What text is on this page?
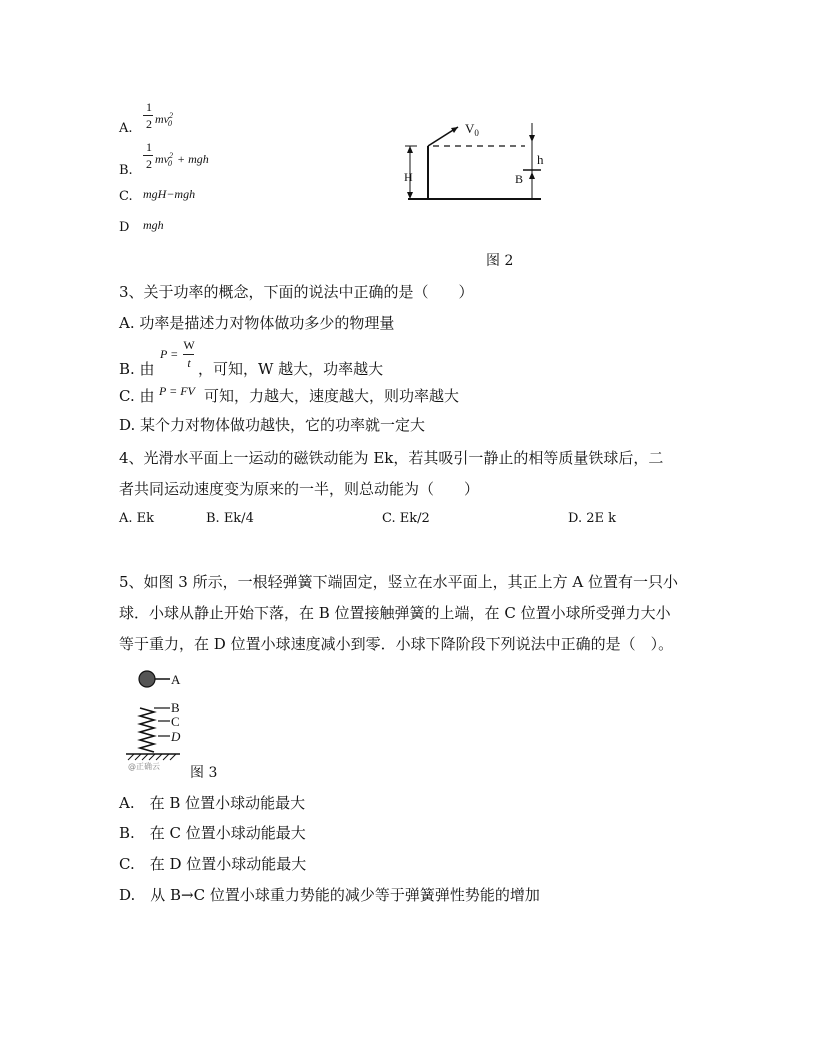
A.
1
2 $mv^2_0$
B.
1
2 $mv^2_0$ + mgh
C. mgH−mgh
D mgh
$V_0$
h
H	B
图 2
3、关于功率的概念，下面的说法中正确的是（　　）
A. 功率是描述力对物体做功多少的物理量
B. 由
P =
W
t ，可知，W 越大，功率越大
C. 由 P = FV 可知，力越大，速度越大，则功率越大
D. 某个力对物体做功越快，它的功率就一定大
4、光滑水平面上一运动的磁铁动能为 Ek，若其吸引一静止的相等质量铁球后，二
者共同运动速度变为原来的一半，则总动能为（　　）
A. Ek	B. Ek/4	C. Ek/2	D. 2E k
5、如图 3 所示，一根轻弹簧下端固定，竖立在水平面上，其正上方 A 位置有一只小
球．小球从静止开始下落，在 B 位置接触弹簧的上端，在 C 位置小球所受弹力大小
等于重力，在 D 位置小球速度减小到零．小球下降阶段下列说法中正确的是（　）。
A
B
C
D
@正确云 图 3
A.　在 B 位置小球动能最大
B.　在 C 位置小球动能最大
C.　在 D 位置小球动能最大
D.　从 B→C 位置小球重力势能的减少等于弹簧弹性势能的增加
